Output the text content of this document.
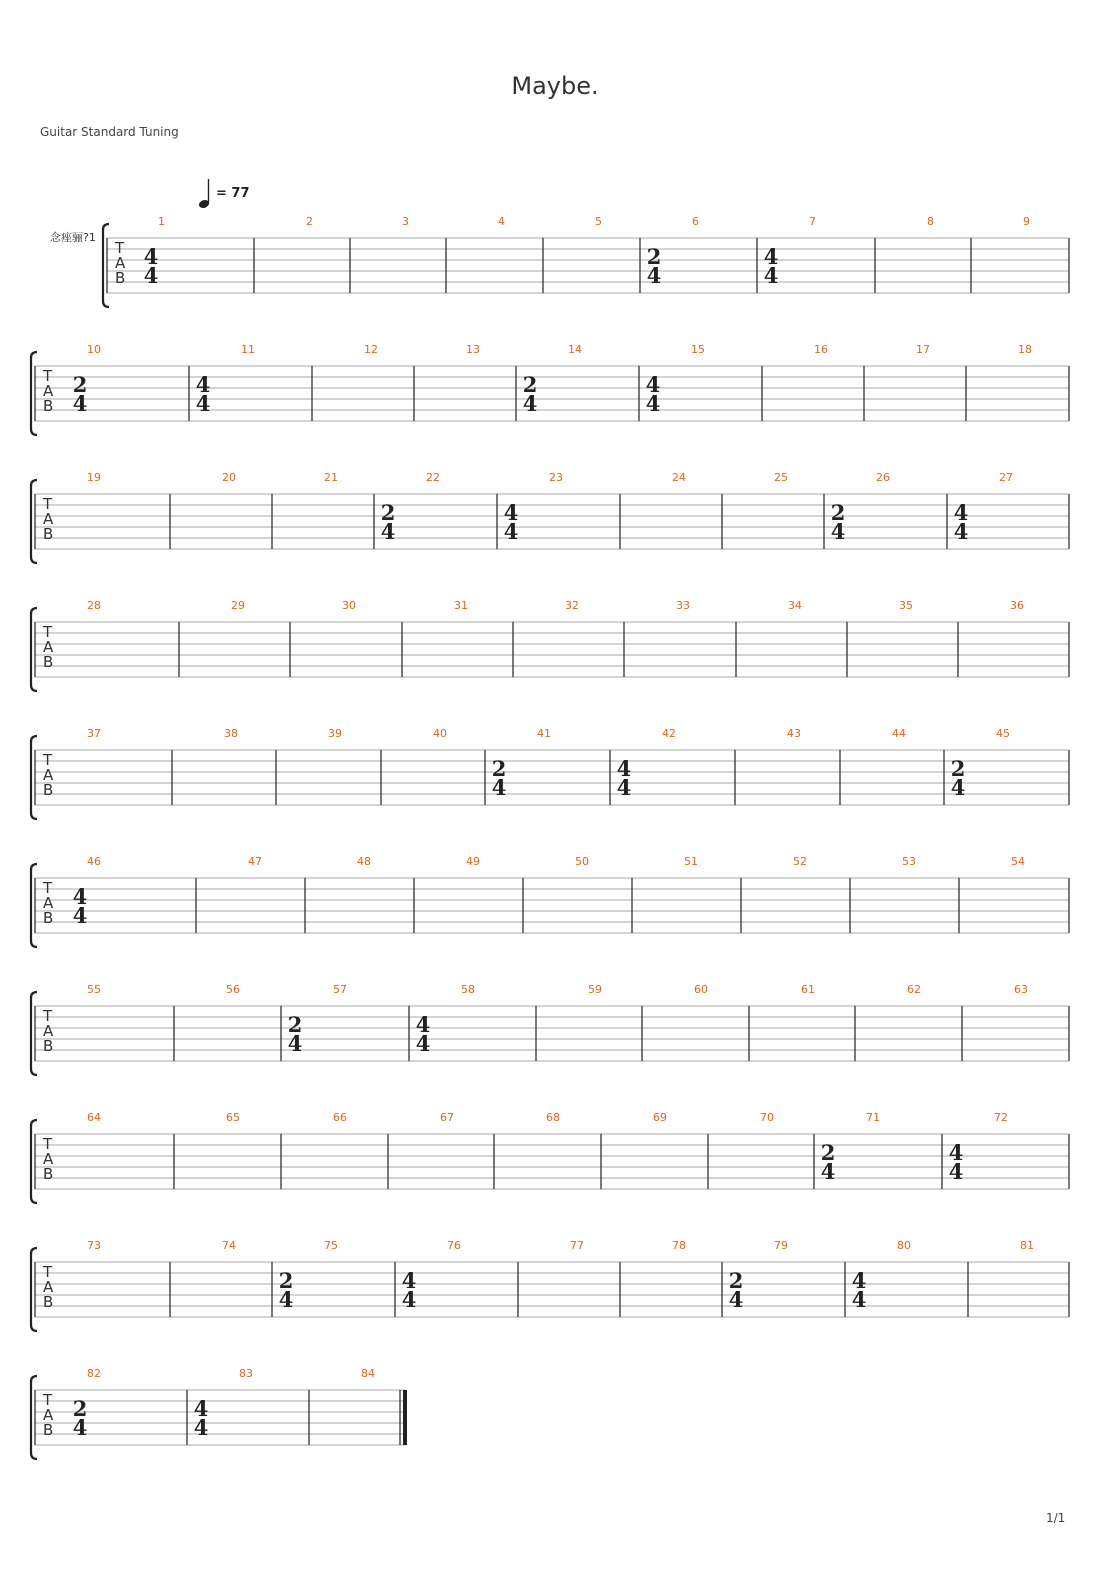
Maybe.
Guitar Standard Tuning
= 77
T
A
B
念痤骊?1
1
4
4
2	3	4	5	6
2
4
7
4
4
8	9
T
A
B
10
2
4
11
4
4
12	13	14
2
4
15
4
4
16	17	18
T
A
B
19	20	21	22
2
4
23
4
4
24	25	26
2
4
27
4
4
T
A
B
28	29	30	31	32	33	34	35	36
T
A
B
37	38	39	40	41
2
4
42
4
4
43	44	45
2
4
T
A
B
46
4
4
47	48	49	50	51	52	53	54
T
A
B
55	56	57
2
4
58
4
4
59	60	61	62	63
T
A
B
64	65	66	67	68	69	70	71
2
4
72
4
4
T
A
B
73	74	75
2
4
76
4
4
77	78	79
2
4
80
4
4
81
T
A
B
82
2
4
83
4
4
84
1/1
